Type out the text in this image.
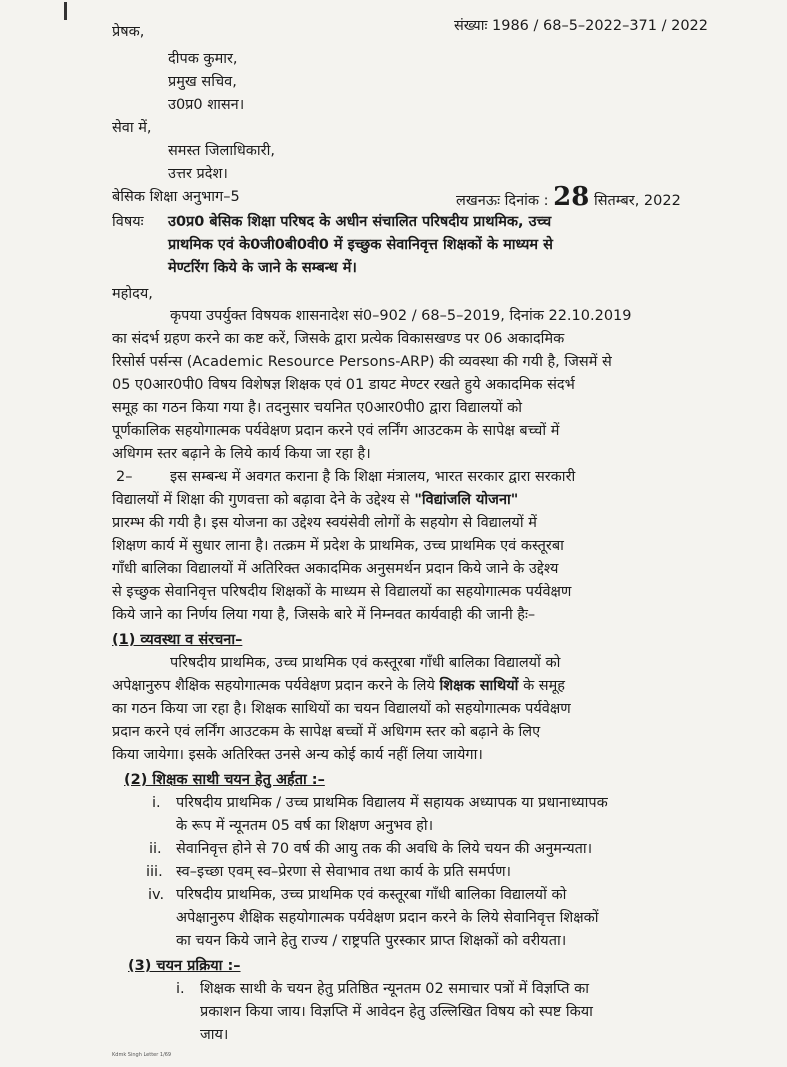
संख्याः 1986 / 68–5–2022–371 / 2022
प्रेषक,
दीपक कुमार,
प्रमुख सचिव,
उ0प्र0 शासन।
सेवा में,
समस्त जिलाधिकारी,
उत्तर प्रदेश।
बेसिक शिक्षा अनुभाग–5	लखनऊः दिनांक : 28 सितम्बर, 2022
विषयः उ0प्र0 बेसिक शिक्षा परिषद के अधीन संचालित परिषदीय प्राथमिक, उच्च
प्राथमिक एवं के0जी0बी0वी0 में इच्छुक सेवानिवृत्त शिक्षकों के माध्यम से
मेण्टरिंग किये के जाने के सम्बन्ध में।
महोदय,
कृपया उपर्युक्त विषयक शासनादेश सं0–902 / 68–5–2019, दिनांक 22.10.2019
का संदर्भ ग्रहण करने का कष्ट करें, जिसके द्वारा प्रत्येक विकासखण्ड पर 06 अकादमिक
रिसोर्स पर्सन्स (Academic Resource Persons-ARP) की व्यवस्था की गयी है, जिसमें से
05 ए0आर0पी0 विषय विशेषज्ञ शिक्षक एवं 01 डायट मेण्टर रखते हुये अकादमिक संदर्भ
समूह का गठन किया गया है। तदनुसार चयनित ए0आर0पी0 द्वारा विद्यालयों को
पूर्णकालिक सहयोगात्मक पर्यवेक्षण प्रदान करने एवं लर्निंग आउटकम के सापेक्ष बच्चों में
अधिगम स्तर बढ़ाने के लिये कार्य किया जा रहा है।
2–	इस सम्बन्ध में अवगत कराना है कि शिक्षा मंत्रालय, भारत सरकार द्वारा सरकारी
विद्यालयों में शिक्षा की गुणवत्ता को बढ़ावा देने के उद्देश्य से "विद्यांजलि योजना"
प्रारम्भ की गयी है। इस योजना का उद्देश्य स्वयंसेवी लोगों के सहयोग से विद्यालयों में
शिक्षण कार्य में सुधार लाना है। तत्क्रम में प्रदेश के प्राथमिक, उच्च प्राथमिक एवं कस्तूरबा
गाँधी बालिका विद्यालयों में अतिरिक्त अकादमिक अनुसमर्थन प्रदान किये जाने के उद्देश्य
से इच्छुक सेवानिवृत्त परिषदीय शिक्षकों के माध्यम से विद्यालयों का सहयोगात्मक पर्यवेक्षण
किये जाने का निर्णय लिया गया है, जिसके बारे में निम्नवत कार्यवाही की जानी हैः–
(1) व्यवस्था व संरचना–
परिषदीय प्राथमिक, उच्च प्राथमिक एवं कस्तूरबा गाँधी बालिका विद्यालयों को
अपेक्षानुरुप शैक्षिक सहयोगात्मक पर्यवेक्षण प्रदान करने के लिये शिक्षक साथियों के समूह
का गठन किया जा रहा है। शिक्षक साथियों का चयन विद्यालयों को सहयोगात्मक पर्यवेक्षण
प्रदान करने एवं लर्निंग आउटकम के सापेक्ष बच्चों में अधिगम स्तर को बढ़ाने के लिए
किया जायेगा। इसके अतिरिक्त उनसे अन्य कोई कार्य नहीं लिया जायेगा।
(2) शिक्षक साथी चयन हेतु अर्हता :–
i. परिषदीय प्राथमिक / उच्च प्राथमिक विद्यालय में सहायक अध्यापक या प्रधानाध्यापक
के रूप में न्यूनतम 05 वर्ष का शिक्षण अनुभव हो।
ii. सेवानिवृत्त होने से 70 वर्ष की आयु तक की अवधि के लिये चयन की अनुमन्यता।
iii. स्व–इच्छा एवम् स्व–प्रेरणा से सेवाभाव तथा कार्य के प्रति समर्पण।
iv. परिषदीय प्राथमिक, उच्च प्राथमिक एवं कस्तूरबा गाँधी बालिका विद्यालयों को
अपेक्षानुरुप शैक्षिक सहयोगात्मक पर्यवेक्षण प्रदान करने के लिये सेवानिवृत्त शिक्षकों
का चयन किये जाने हेतु राज्य / राष्ट्रपति पुरस्कार प्राप्त शिक्षकों को वरीयता।
(3) चयन प्रक्रिया :–
i. शिक्षक साथी के चयन हेतु प्रतिष्ठित न्यूनतम 02 समाचार पत्रों में विज्ञप्ति का
प्रकाशन किया जाय। विज्ञप्ति में आवेदन हेतु उल्लिखित विषय को स्पष्ट किया
जाय।
Kdmk Singh Letter 1/69
